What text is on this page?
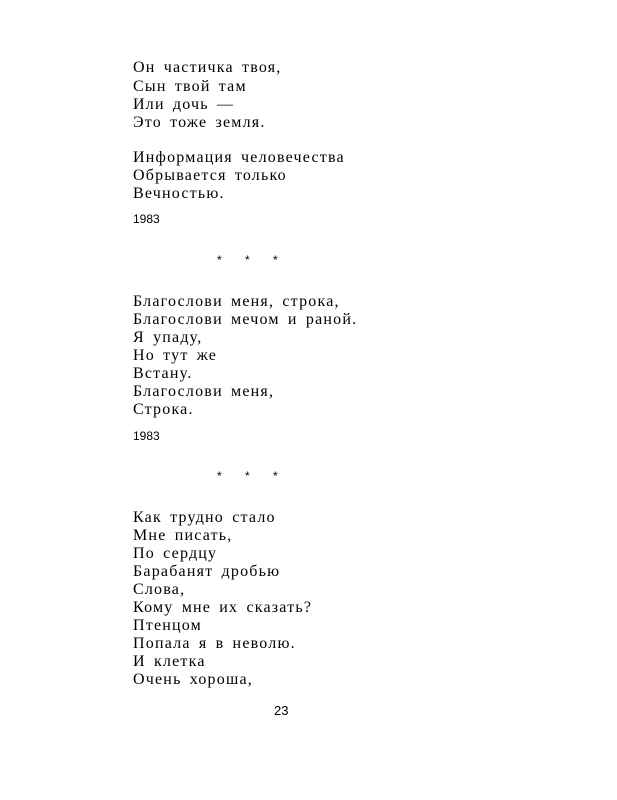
Он частичка твоя,
Сын твой там
Или дочь —
Это тоже земля.
Информация человечества
Обрывается только
Вечностью.
1983
* * *
Благослови меня, строка,
Благослови мечом и раной.
Я упаду,
Но тут же
Встану.
Благослови меня,
Строка.
1983
* * *
Как трудно стало
Мне писать,
По сердцу
Барабанят дробью
Слова,
Кому мне их сказать?
Птенцом
Попала я в неволю.
И клетка
Очень хороша,
23
